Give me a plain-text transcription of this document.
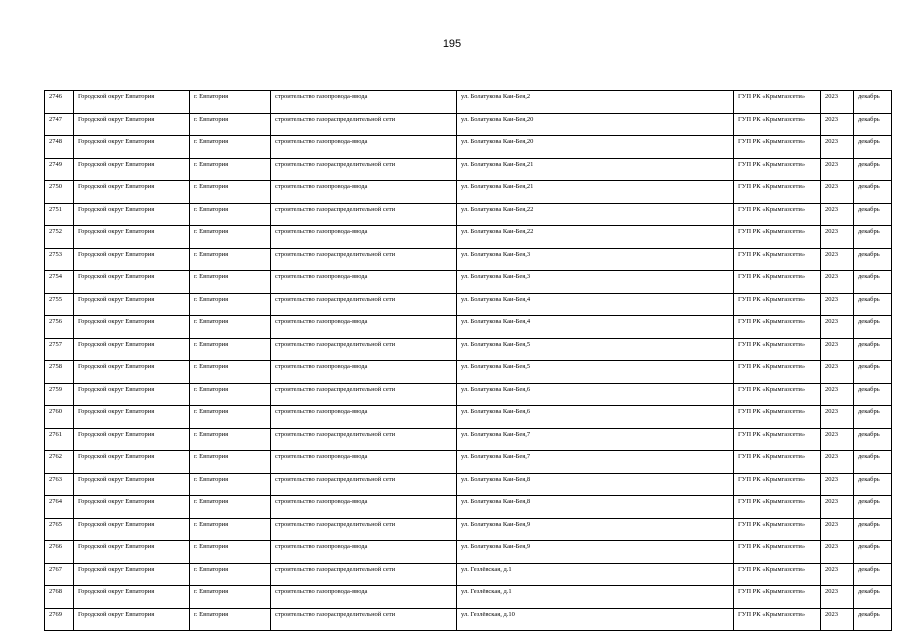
195
2746	Городской округ Евпатория	г. Евпатория	строительство газопровода-ввода	ул. Болатукова Каи-Бея,2	ГУП РК «Крымгазсети»	2023	декабрь
2747	Городской округ Евпатория	г. Евпатория	строительство газораспределительной сети	ул. Болатукова Каи-Бея,20	ГУП РК «Крымгазсети»	2023	декабрь
2748	Городской округ Евпатория	г. Евпатория	строительство газопровода-ввода	ул. Болатукова Каи-Бея,20	ГУП РК «Крымгазсети»	2023	декабрь
2749	Городской округ Евпатория	г. Евпатория	строительство газораспределительной сети	ул. Болатукова Каи-Бея,21	ГУП РК «Крымгазсети»	2023	декабрь
2750	Городской округ Евпатория	г. Евпатория	строительство газопровода-ввода	ул. Болатукова Каи-Бея,21	ГУП РК «Крымгазсети»	2023	декабрь
2751	Городской округ Евпатория	г. Евпатория	строительство газораспределительной сети	ул. Болатукова Каи-Бея,22	ГУП РК «Крымгазсети»	2023	декабрь
2752	Городской округ Евпатория	г. Евпатория	строительство газопровода-ввода	ул. Болатукова Каи-Бея,22	ГУП РК «Крымгазсети»	2023	декабрь
2753	Городской округ Евпатория	г. Евпатория	строительство газораспределительной сети	ул. Болатукова Каи-Бея,3	ГУП РК «Крымгазсети»	2023	декабрь
2754	Городской округ Евпатория	г. Евпатория	строительство газопровода-ввода	ул. Болатукова Каи-Бея,3	ГУП РК «Крымгазсети»	2023	декабрь
2755	Городской округ Евпатория	г. Евпатория	строительство газораспределительной сети	ул. Болатукова Каи-Бея,4	ГУП РК «Крымгазсети»	2023	декабрь
2756	Городской округ Евпатория	г. Евпатория	строительство газопровода-ввода	ул. Болатукова Каи-Бея,4	ГУП РК «Крымгазсети»	2023	декабрь
2757	Городской округ Евпатория	г. Евпатория	строительство газораспределительной сети	ул. Болатукова Каи-Бея,5	ГУП РК «Крымгазсети»	2023	декабрь
2758	Городской округ Евпатория	г. Евпатория	строительство газопровода-ввода	ул. Болатукова Каи-Бея,5	ГУП РК «Крымгазсети»	2023	декабрь
2759	Городской округ Евпатория	г. Евпатория	строительство газораспределительной сети	ул. Болатукова Каи-Бея,6	ГУП РК «Крымгазсети»	2023	декабрь
2760	Городской округ Евпатория	г. Евпатория	строительство газопровода-ввода	ул. Болатукова Каи-Бея,6	ГУП РК «Крымгазсети»	2023	декабрь
2761	Городской округ Евпатория	г. Евпатория	строительство газораспределительной сети	ул. Болатукова Каи-Бея,7	ГУП РК «Крымгазсети»	2023	декабрь
2762	Городской округ Евпатория	г. Евпатория	строительство газопровода-ввода	ул. Болатукова Каи-Бея,7	ГУП РК «Крымгазсети»	2023	декабрь
2763	Городской округ Евпатория	г. Евпатория	строительство газораспределительной сети	ул. Болатукова Каи-Бея,8	ГУП РК «Крымгазсети»	2023	декабрь
2764	Городской округ Евпатория	г. Евпатория	строительство газопровода-ввода	ул. Болатукова Каи-Бея,8	ГУП РК «Крымгазсети»	2023	декабрь
2765	Городской округ Евпатория	г. Евпатория	строительство газораспределительной сети	ул. Болатукова Каи-Бея,9	ГУП РК «Крымгазсети»	2023	декабрь
2766	Городской округ Евпатория	г. Евпатория	строительство газопровода-ввода	ул. Болатукова Каи-Бея,9	ГУП РК «Крымгазсети»	2023	декабрь
2767	Городской округ Евпатория	г. Евпатория	строительство газораспределительной сети	ул. Гезлёвская, д.1	ГУП РК «Крымгазсети»	2023	декабрь
2768	Городской округ Евпатория	г. Евпатория	строительство газопровода-ввода	ул. Гезлёвская, д.1	ГУП РК «Крымгазсети»	2023	декабрь
2769	Городской округ Евпатория	г. Евпатория	строительство газораспределительной сети	ул. Гезлёвская, д.10	ГУП РК «Крымгазсети»	2023	декабрь
